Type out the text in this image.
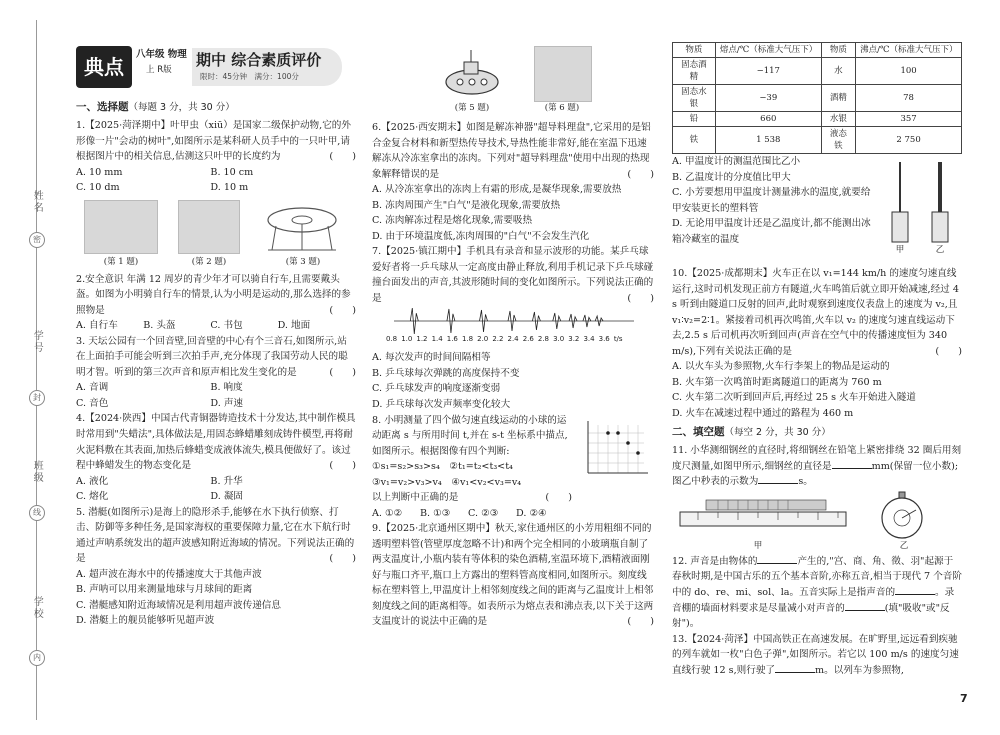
姓名
学号
班级
学校
密
封
线
内
典点
八年级 物理
上 R版
期中 综合素质评价
限时：45分钟　满分：100分
一、选择题（每题 3 分，共 30 分）

1.【2025·菏泽期中】叶甲虫（xiū）是国家二级保护动物,它的外形像一片"会动的树叶",如图所示是某科研人员手中的一只叶甲,请根据图片中的相关信息,估测这只叶甲的长度约为	(　　)

A. 10 mm	B. 10 cmC. 10 dm	D. 10 m
(第 1 题)	(第 2 题)	(第 3 题)

2.安全意识 年满 12 周岁的青少年才可以骑自行车,且需要戴头盔。如图为小明骑自行车的情景,认为小明是运动的,那么选择的参照物是	(　　)

A. 自行车	B. 头盔	C. 书包	D. 地面

3. 天坛公园有一个回音壁,回音壁的中心有个三音石,如图所示,站在上面拍手可能会听到三次拍手声,充分体现了我国劳动人民的聪明才智。听到的第三次声音和原声相比发生变化的是	(　　)

A. 音调	B. 响度C. 音色	D. 声速

4.【2024·陕西】中国古代青铜器铸造技术十分发达,其中制作模具时常用到"失蜡法",具体做法是,用固态蜂蜡雕刻成铸件模型,再将耐火泥料敷在其表面,加热后蜂蜡变成液体流失,模具便做好了。该过程中蜂蜡发生的物态变化是	(　　)

A. 液化	B. 升华C. 熔化	D. 凝固

5. 潜艇(如图所示)是海上的隐形杀手,能够在水下执行侦察、打击、防御等多种任务,是国家海权的重要保障力量,它在水下航行时通过声呐系统发出的超声波感知附近海域的情况。下列说法正确的是	(　　)

A. 超声波在海水中的传播速度大于其他声波
B. 声呐可以用来测量地球与月球间的距离
C. 潜艇感知附近海域情况是利用超声波传递信息
D. 潜艇上的舰员能够听见超声波
(第 5 题)	(第 6 题)

6.【2025·西安期末】如图是解冻神器"超导料理盘",它采用的是铝合金复合材料和新型热传导技术,导热性能非常好,能在室温下迅速解冻从冷冻室拿出的冻肉。下列对"超导料理盘"使用中出现的热现象解释错误的是	(　　)

A. 从冷冻室拿出的冻肉上有霜的形成,是凝华现象,需要放热
B. 冻肉周围产生"白气"是液化现象,需要放热
C. 冻肉解冻过程是熔化现象,需要吸热
D. 由于环境温度低,冻肉周围的"白气"不会发生汽化

7.【2025·镇江期中】手机具有录音和显示波形的功能。某乒乓球爱好者将一乒乓球从一定高度由静止释放,利用手机记录下乒乓球碰撞台面发出的声音,其波形随时间的变化如图所示。下列说法正确的是	(　　)

0.8 1.0 1.2 1.4 1.6 1.8 2.0 2.2 2.4 2.6 2.8 3.0 3.2 3.4 3.6 t/s
A. 每次发声的时间间隔相等
B. 乒乓球每次弹跳的高度保持不变
C. 乒乓球发声的响度逐渐变弱
D. 乒乓球每次发声频率变化较大

8. 小明测量了四个做匀速直线运动的小球的运动距离 s 与所用时间 t,并在 s-t 坐标系中描点,如图所示。根据图像有四个判断:

①s₁=s₂>s₃>s₄　②t₁=t₂<t₃<t₄
③v₁=v₂>v₃>v₄　④v₁<v₂<v₃=v₄
以上判断中正确的是	(　　)
A. ①② B. ①③ C. ②③ D. ②④

9.【2025·北京通州区期中】秋天,家住通州区的小芳用粗细不同的透明塑料管(管壁厚度忽略不计)和两个完全相同的小玻璃瓶自制了两支温度计,小瓶内装有等体积的染色酒精,室温环境下,酒精液面刚好与瓶口齐平,瓶口上方露出的塑料管高度相同,如图所示。刻度线标在塑料管上,甲温度计上相邻刻度线之间的距离与乙温度计上相邻刻度线之间的距离相等。如表所示为熔点表和沸点表,以下关于这两支温度计的说法中正确的是	(　　)

物质	熔点/℃（标准大气压下）	物质	沸点/℃（标准大气压下）
固态酒精	−117	水	100
固态水银	−39	酒精	78
铅	660	水银	357
铁	1 538	液态铁	2 750
A. 甲温度计的测温范围比乙小
B. 乙温度计的分度值比甲大
C. 小芳要想用甲温度计测量沸水的温度,就要给甲安装更长的塑料管
D. 无论用甲温度计还是乙温度计,都不能测出冰箱冷藏室的温度
甲	乙

10.【2025·成都期末】火车正在以 v₁=144 km/h 的速度匀速直线运行,这时司机发现正前方有隧道,火车鸣笛后就立即开始减速,经过 4 s 听到由隧道口反射的回声,此时观察到速度仪表盘上的速度为 v₂,且 v₁∶v₂=2∶1。紧接着司机再次鸣笛,火车以 v₂ 的速度匀速直线运动下去,2.5 s 后司机再次听到回声(声音在空气中的传播速度恒为 340 m/s),下列有关说法正确的是	(　　)

A. 以火车头为参照物,火车行李架上的物品是运动的
B. 火车第一次鸣笛时距离隧道口的距离为 760 m
C. 火车第二次听到回声后,再经过 25 s 火车开始进入隧道
D. 火车在减速过程中通过的路程为 460 m
二、填空题（每空 2 分，共 30 分）

11. 小华测细钢丝的直径时,将细钢丝在铅笔上紧密排绕 32 圈后用刻度尺测量,如图甲所示,细钢丝的直径是	mm(保留一位小数);图乙中秒表的示数为	s。

甲	乙

12. 声音是由物体的	产生的,"宫、商、角、徵、羽"起源于春秋时期,是中国古乐的五个基本音阶,亦称五音,相当于现代 7 个音阶中的 do、re、mi、sol、la。五音实际上是指声音的	。录音棚的墙面材料要求是尽量减小对声音的	(填"吸收"或"反射")。

13.【2024·菏泽】中国高铁正在高速发展。在旷野里,远远看到疾驰的列车就如一枚"白色子弹",如图所示。若它以 100 m/s 的速度匀速直线行驶 12 s,则行驶了	m。以列车为参照物,

7
